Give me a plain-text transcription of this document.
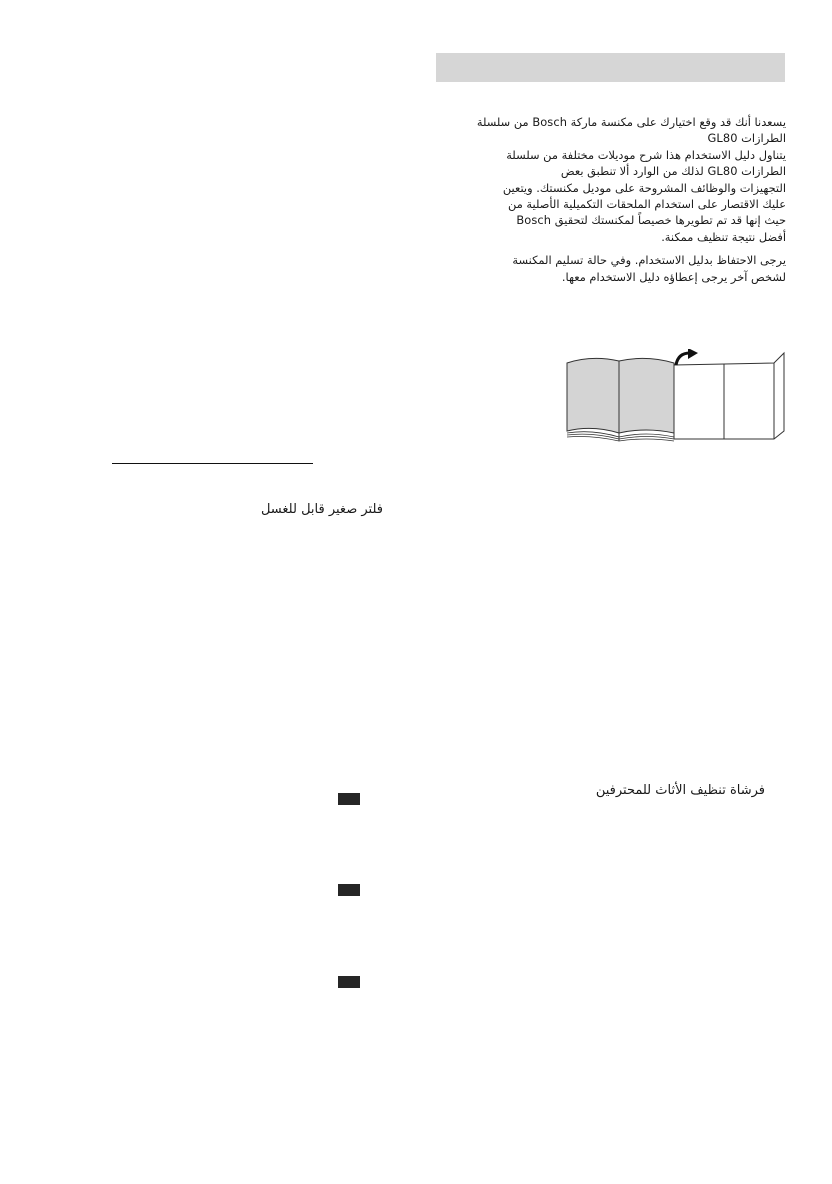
يسعدنا أنك قد وقع اختيارك على مكنسة ماركة Bosch من سلسلة

الطرازات GL80

يتناول دليل الاستخدام هذا شرح موديلات مختلفة من سلسلة

الطرازات GL80 لذلك من الوارد ألا تنطبق بعض

التجهيزات والوظائف المشروحة على موديل مكنستك. ويتعين

عليك الاقتصار على استخدام الملحقات التكميلية الأصلية من

Bosch حيث إنها قد تم تطويرها خصيصاً لمكنستك لتحقيق

أفضل نتيجة تنظيف ممكنة.

يرجى الاحتفاظ بدليل الاستخدام. وفي حالة تسليم المكنسة

لشخص آخر يرجى إعطاؤه دليل الاستخدام معها.

فلتر صغير قابل للغسل
فرشاة تنظيف الأثاث للمحترفين
